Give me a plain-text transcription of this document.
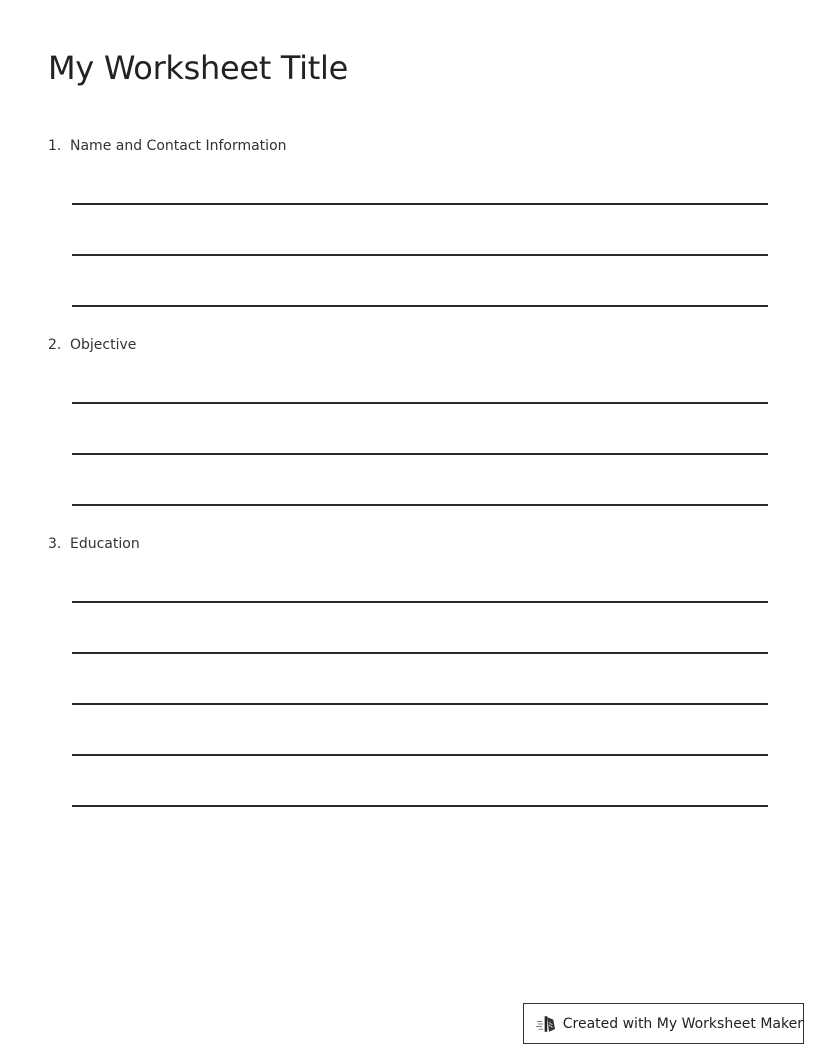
My Worksheet Title
1. Name and Contact Information
2. Objective
3. Education
Created with My Worksheet Maker
